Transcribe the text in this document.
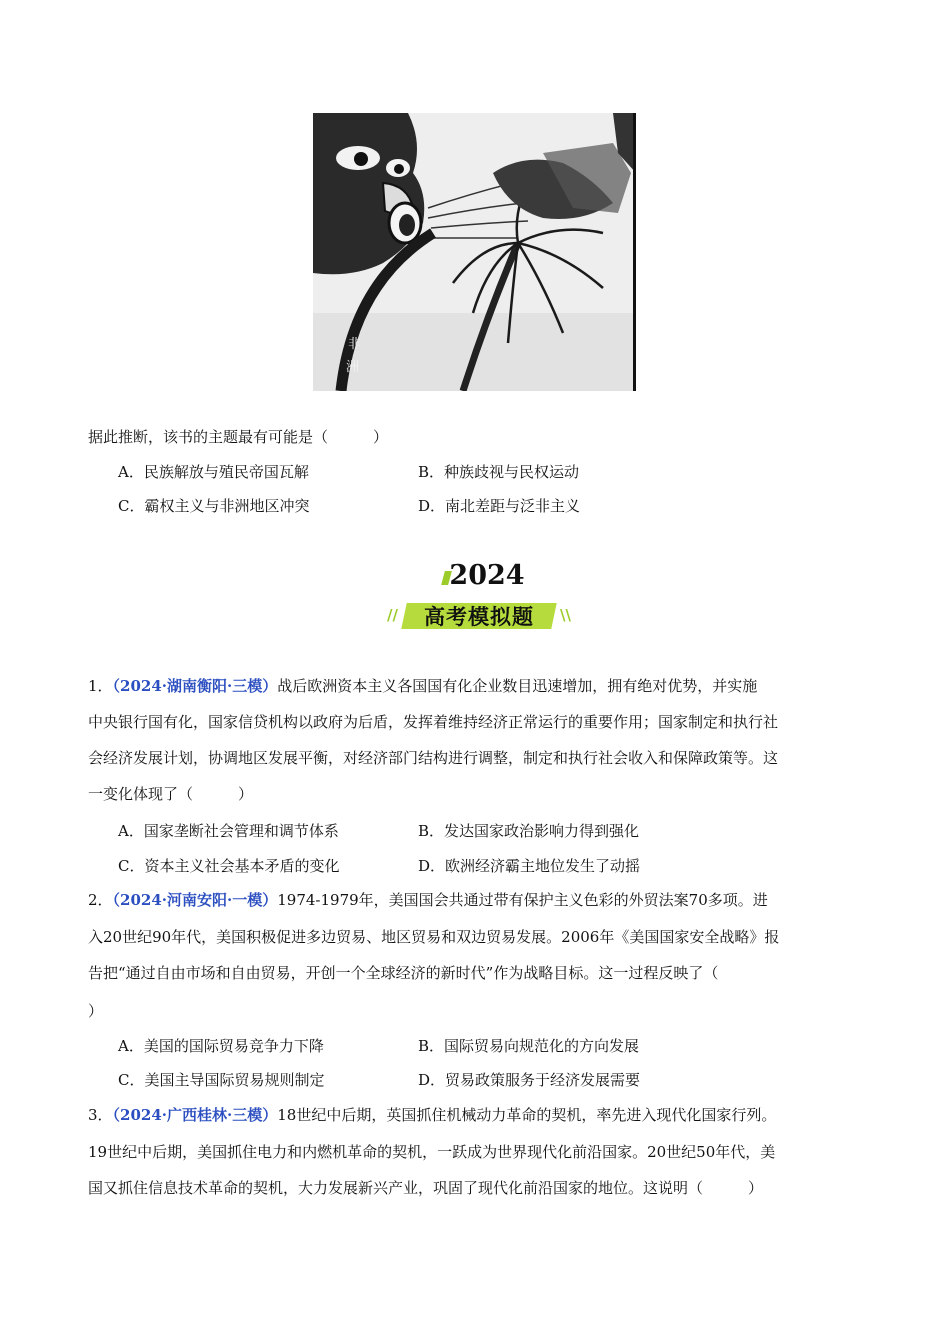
非
洲
据此推断，该书的主题最有可能是（　　　）
A．民族解放与殖民帝国瓦解	B．种族歧视与民权运动
C．霸权主义与非洲地区冲突	D．南北差距与泛非主义
2024
//	高考模拟题	\\
1．（2024·湖南衡阳·三模）战后欧洲资本主义各国国有化企业数目迅速增加，拥有绝对优势，并实施
中央银行国有化，国家信贷机构以政府为后盾，发挥着维持经济正常运行的重要作用；国家制定和执行社
会经济发展计划，协调地区发展平衡，对经济部门结构进行调整，制定和执行社会收入和保障政策等。这
一变化体现了（　　　）
A．国家垄断社会管理和调节体系	B．发达国家政治影响力得到强化
C．资本主义社会基本矛盾的变化	D．欧洲经济霸主地位发生了动摇
2．（2024·河南安阳·一模）1974-1979年，美国国会共通过带有保护主义色彩的外贸法案70多项。进
入20世纪90年代，美国积极促进多边贸易、地区贸易和双边贸易发展。2006年《美国国家安全战略》报
告把“通过自由市场和自由贸易，开创一个全球经济的新时代”作为战略目标。这一过程反映了（
）
A．美国的国际贸易竞争力下降	B．国际贸易向规范化的方向发展
C．美国主导国际贸易规则制定	D．贸易政策服务于经济发展需要
3．（2024·广西桂林·三模）18世纪中后期，英国抓住机械动力革命的契机，率先进入现代化国家行列。
19世纪中后期，美国抓住电力和内燃机革命的契机，一跃成为世界现代化前沿国家。20世纪50年代，美
国又抓住信息技术革命的契机，大力发展新兴产业，巩固了现代化前沿国家的地位。这说明（　　　）
